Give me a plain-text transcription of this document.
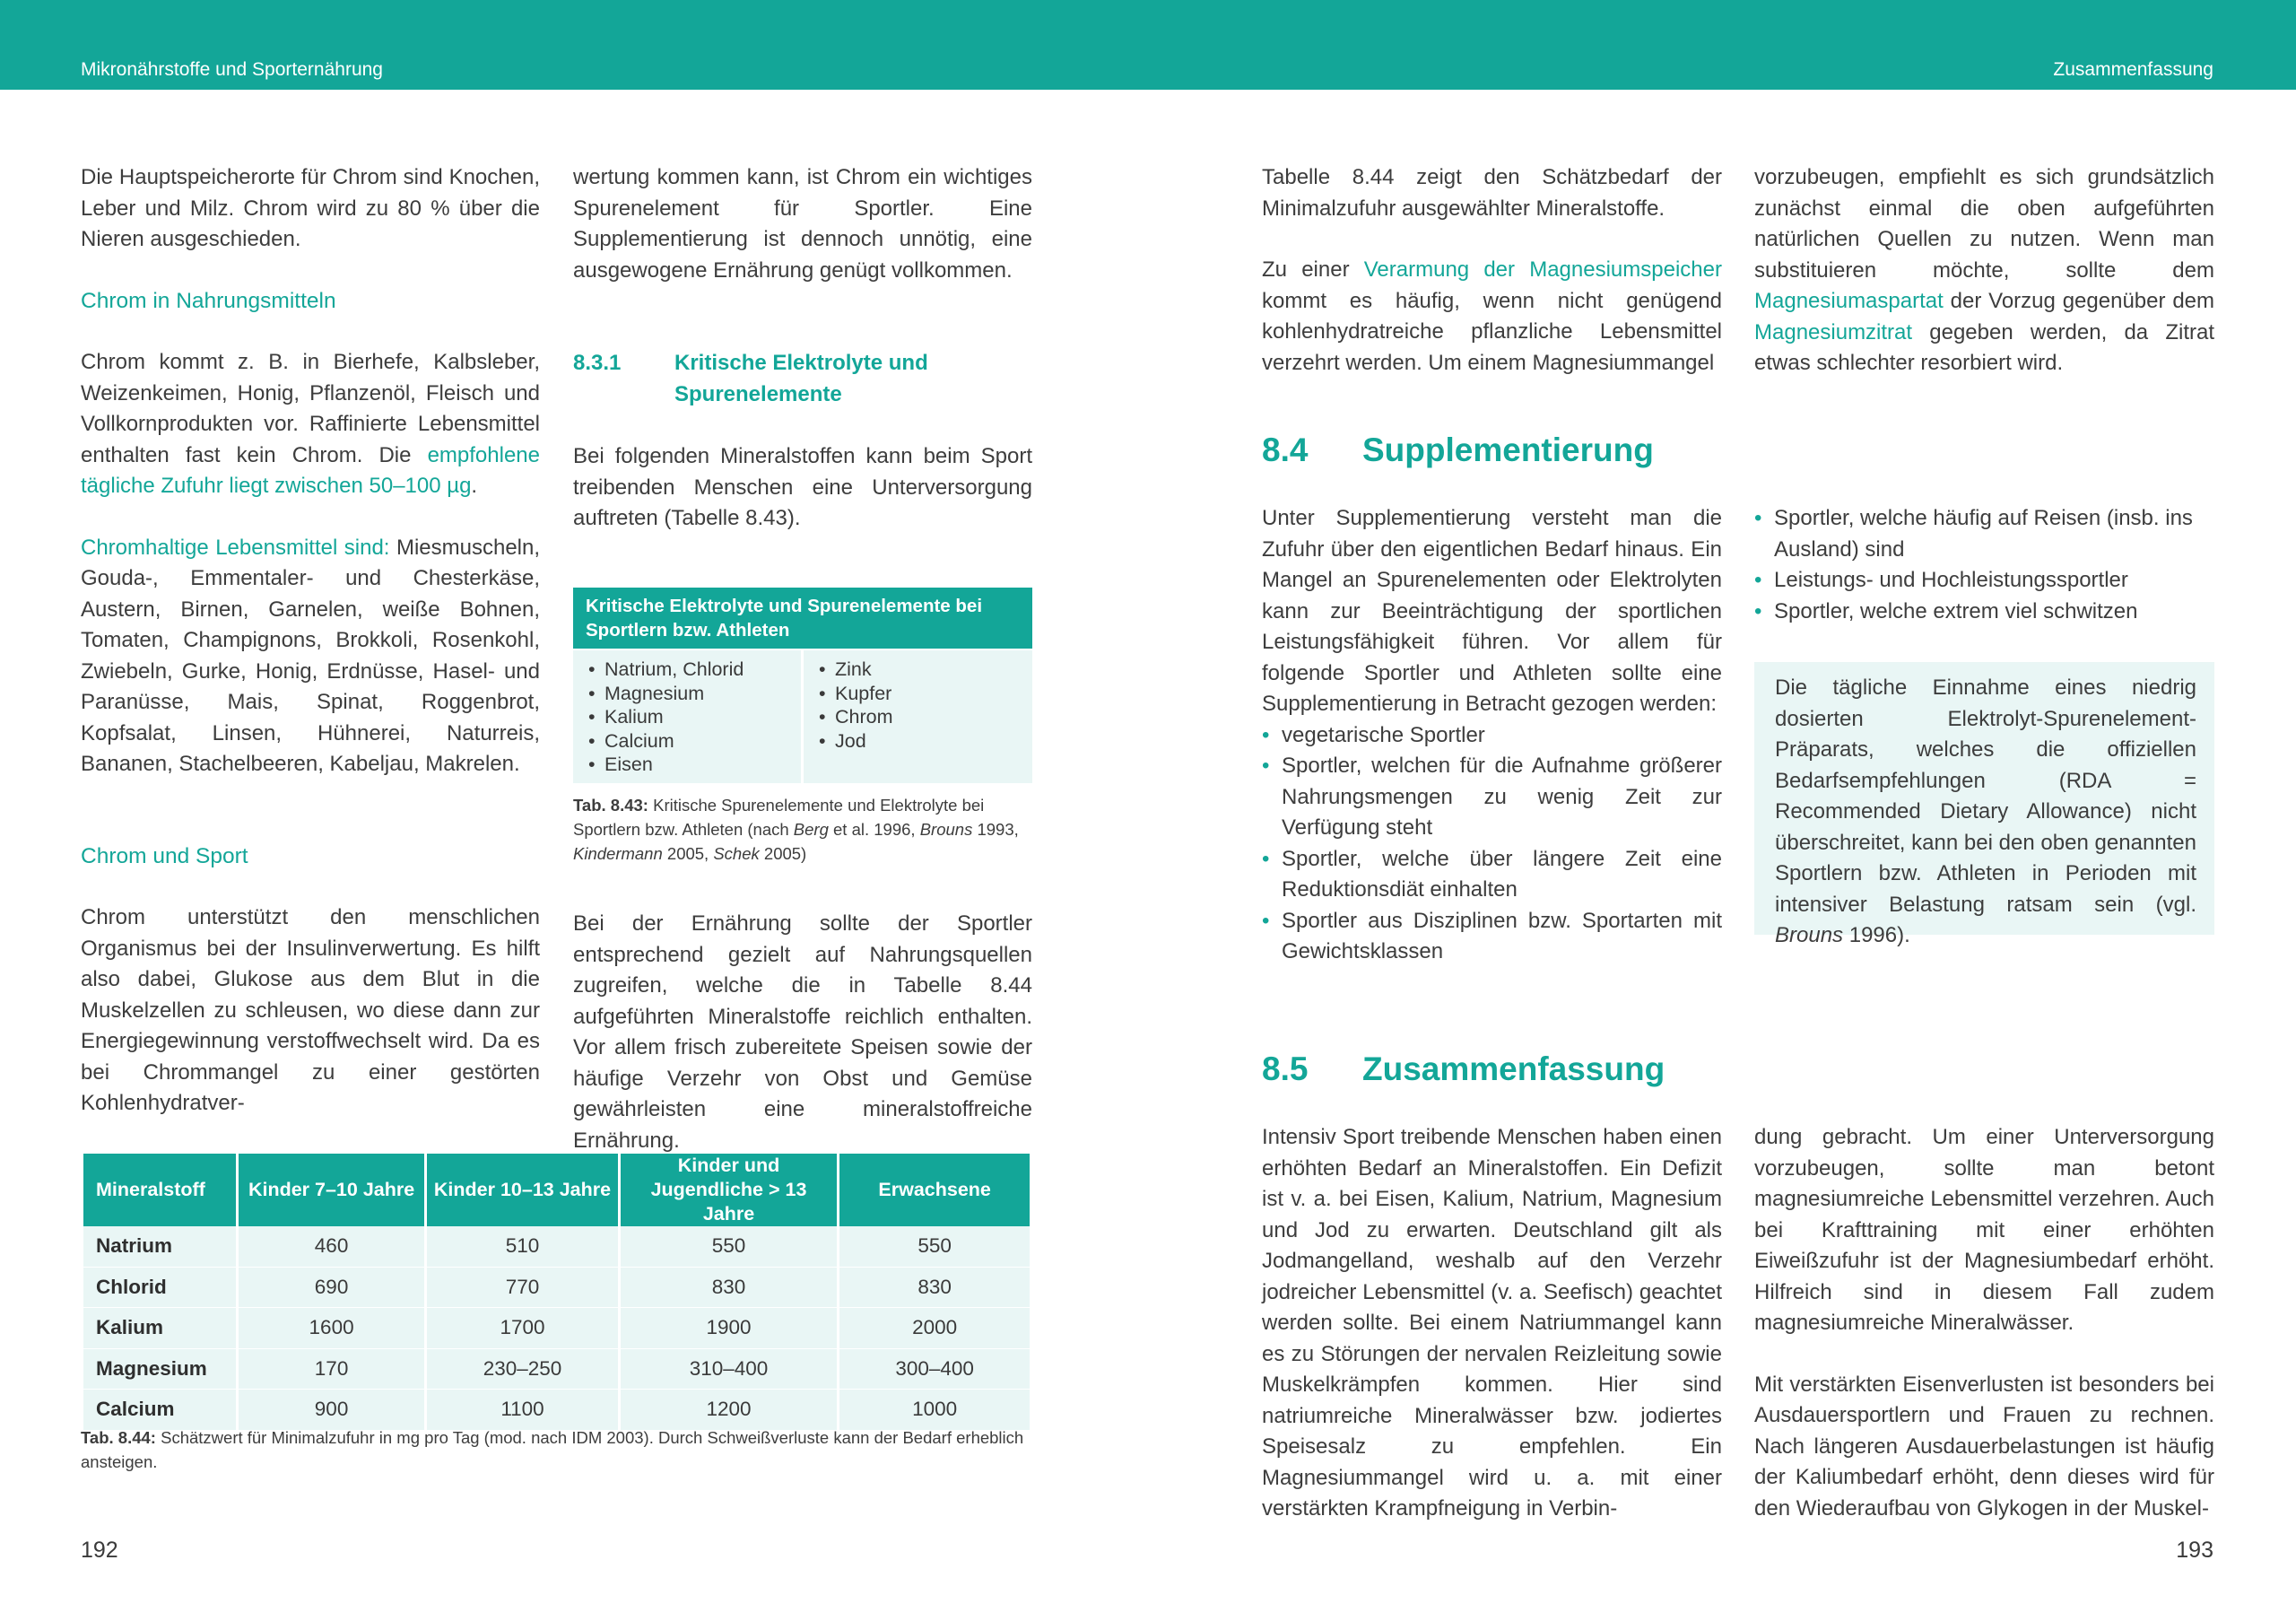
Mikronährstoffe und Sporternährung	Zusammenfassung

Die Hauptspeicherorte für Chrom sind Knochen, Leber und Milz. Chrom wird zu 80 % über die Nieren ausgeschieden.

Chrom in Nahrungsmitteln

Chrom kommt z. B. in Bierhefe, Kalbsleber, Weizenkeimen, Honig, Pflanzenöl, Fleisch und Vollkornprodukten vor. Raffinierte Lebensmittel enthalten fast kein Chrom. Die empfohlene tägliche Zufuhr liegt zwischen 50–100 µg.

Chromhaltige Lebensmittel sind: Miesmuscheln, Gouda-, Emmentaler- und Chesterkäse, Austern, Birnen, Garnelen, weiße Bohnen, Tomaten, Champignons, Brokkoli, Rosenkohl, Zwiebeln, Gurke, Honig, Erdnüsse, Hasel- und Paranüsse, Mais, Spinat, Roggenbrot, Kopfsalat, Linsen, Hühnerei, Naturreis, Bananen, Stachelbeeren, Kabeljau, Makrelen.

Chrom und Sport

Chrom unterstützt den menschlichen Organismus bei der Insulinverwertung. Es hilft also dabei, Glukose aus dem Blut in die Muskelzellen zu schleusen, wo diese dann zur Energiegewinnung verstoffwechselt wird. Da es bei Chrommangel zu einer gestörten Kohlenhydratver-

wertung kommen kann, ist Chrom ein wichtiges Spurenelement für Sportler. Eine Supplementierung ist dennoch unnötig, eine ausgewogene Ernährung genügt vollkommen.

8.3.1	Kritische Elektrolyte und Spurenelemente

Bei folgenden Mineralstoffen kann beim Sport treibenden Menschen eine Unterversorgung auftreten (Tabelle 8.43).

Kritische Elektrolyte und Spurenelemente bei Sportlern bzw. Athleten
• Natrium, Chlorid
• Magnesium
• Kalium
• Calcium
• Eisen
• Zink
• Kupfer
• Chrom
• Jod
Tab. 8.43: Kritische Spurenelemente und Elektrolyte bei Sportlern bzw. Athleten (nach Berg et al. 1996, Brouns 1993, Kindermann 2005, Schek 2005)

Bei der Ernährung sollte der Sportler entsprechend gezielt auf Nahrungsquellen zugreifen, welche die in Tabelle 8.44 aufgeführten Mineralstoffe reichlich enthalten. Vor allem frisch zubereitete Speisen sowie der häufige Verzehr von Obst und Gemüse gewährleisten eine mineralstoffreiche Ernährung.

Mineralstoff	Kinder 7–10 Jahre	Kinder 10–13 Jahre	Kinder und Jugendliche > 13 Jahre	Erwachsene
Natrium	460	510	550	550
Chlorid	690	770	830	830
Kalium	1600	1700	1900	2000
Magnesium	170	230–250	310–400	300–400
Calcium	900	1100	1200	1000
Tab. 8.44: Schätzwert für Minimalzufuhr in mg pro Tag (mod. nach IDM 2003). Durch Schweißverluste kann der Bedarf erheblich ansteigen.
192

Tabelle 8.44 zeigt den Schätzbedarf der Minimalzufuhr ausgewählter Mineralstoffe.

Zu einer Verarmung der Magnesiumspeicher kommt es häufig, wenn nicht genügend kohlenhydratreiche pflanzliche Lebensmittel verzehrt werden. Um einem Magnesiummangel

vorzubeugen, empfiehlt es sich grundsätzlich zunächst einmal die oben aufgeführten natürlichen Quellen zu nutzen. Wenn man substituieren möchte, sollte dem Magnesiumaspartat der Vorzug gegenüber dem Magnesiumzitrat gegeben werden, da Zitrat etwas schlechter resorbiert wird.

8.4 Supplementierung

Unter Supplementierung versteht man die Zufuhr über den eigentlichen Bedarf hinaus. Ein Mangel an Spurenelementen oder Elektrolyten kann zur Beeinträchtigung der sportlichen Leistungsfähigkeit führen. Vor allem für folgende Sportler und Athleten sollte eine Supplementierung in Betracht gezogen werden:

• vegetarische Sportler
• Sportler, welchen für die Aufnahme größerer Nahrungsmengen zu wenig Zeit zur Verfügung steht
• Sportler, welche über längere Zeit eine Reduktionsdiät einhalten
• Sportler aus Disziplinen bzw. Sportarten mit Gewichtsklassen
• Sportler, welche häufig auf Reisen (insb. ins Ausland) sind
• Leistungs- und Hochleistungssportler
• Sportler, welche extrem viel schwitzen

Die tägliche Einnahme eines niedrig dosierten Elektrolyt-Spurenelement-Präparats, welches die offiziellen Bedarfsempfehlungen (RDA = Recommended Dietary Allowance) nicht überschreitet, kann bei den oben genannten Sportlern bzw. Athleten in Perioden mit intensiver Belastung ratsam sein (vgl. Brouns 1996).

8.5 Zusammenfassung

Intensiv Sport treibende Menschen haben einen erhöhten Bedarf an Mineralstoffen. Ein Defizit ist v. a. bei Eisen, Kalium, Natrium, Magnesium und Jod zu erwarten. Deutschland gilt als Jodmangelland, weshalb auf den Verzehr jodreicher Lebensmittel (v. a. Seefisch) geachtet werden sollte. Bei einem Natriummangel kann es zu Störungen der nervalen Reizleitung sowie Muskelkrämpfen kommen. Hier sind natriumreiche Mineralwässer bzw. jodiertes Speisesalz zu empfehlen. Ein Magnesiummangel wird u. a. mit einer verstärkten Krampfneigung in Verbin-

dung gebracht. Um einer Unterversorgung vorzubeugen, sollte man betont magnesiumreiche Lebensmittel verzehren. Auch bei Krafttraining mit einer erhöhten Eiweißzufuhr ist der Magnesiumbedarf erhöht. Hilfreich sind in diesem Fall zudem magnesiumreiche Mineralwässer.

Mit verstärkten Eisenverlusten ist besonders bei Ausdauersportlern und Frauen zu rechnen. Nach längeren Ausdauerbelastungen ist häufig der Kaliumbedarf erhöht, denn dieses wird für den Wiederaufbau von Glykogen in der Muskel-

193
